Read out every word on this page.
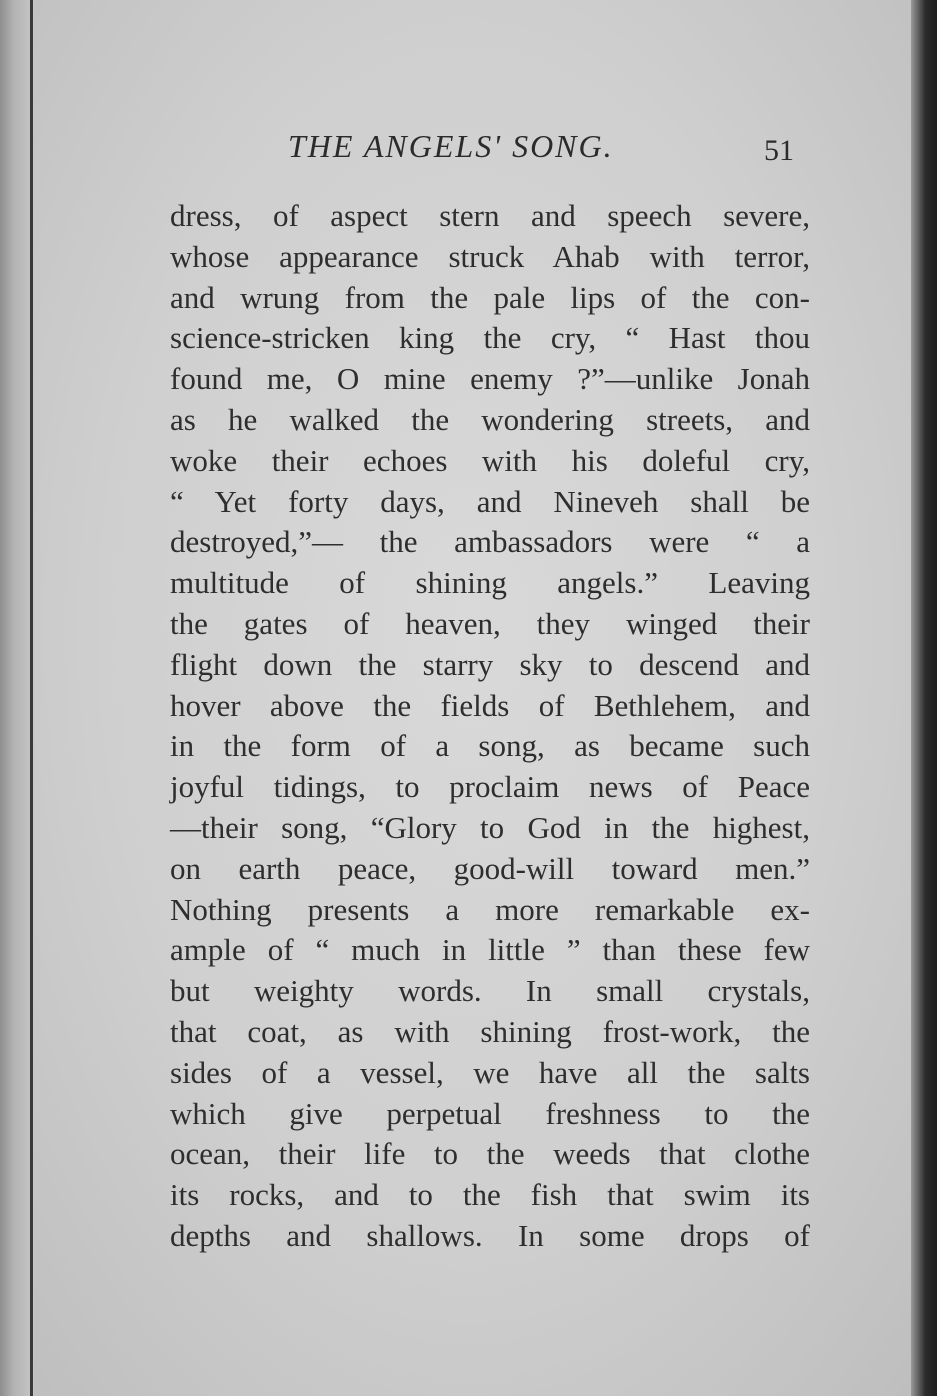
THE ANGELS' SONG.	51
dress, of aspect stern and speech severe,
whose appearance struck Ahab with terror,
and wrung from the pale lips of the con-
science-stricken king the cry, “ Hast thou
found me, O mine enemy ?”—unlike Jonah
as he walked the wondering streets, and
woke their echoes with his doleful cry,
“ Yet forty days, and Nineveh shall be
destroyed,”— the ambassadors were “ a
multitude of shining angels.” Leaving
the gates of heaven, they winged their
flight down the starry sky to descend and
hover above the fields of Bethlehem, and
in the form of a song, as became such
joyful tidings, to proclaim news of Peace
—their song, “Glory to God in the highest,
on earth peace, good-will toward men.”
Nothing presents a more remarkable ex-
ample of “ much in little ” than these few
but weighty words. In small crystals,
that coat, as with shining frost-work, the
sides of a vessel, we have all the salts
which give perpetual freshness to the
ocean, their life to the weeds that clothe
its rocks, and to the fish that swim its
depths and shallows. In some drops of
